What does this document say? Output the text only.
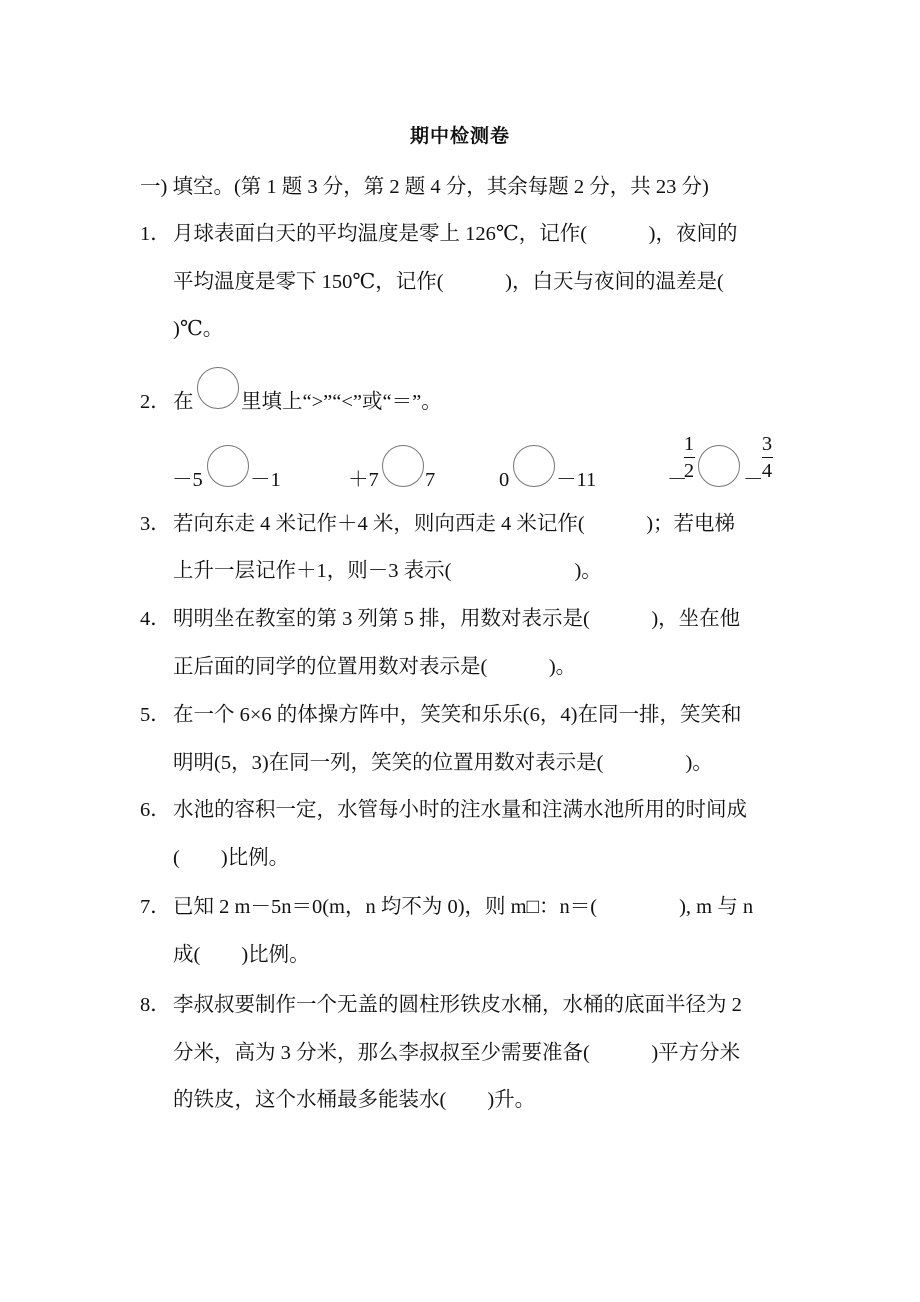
期中检测卷
一) 填空。(第 1 题 3 分，第 2 题 4 分，其余每题 2 分，共 23 分)
1． 月球表面白天的平均温度是零上 126℃，记作(　　　)，夜间的
平均温度是零下 150℃，记作(　　　)，白天与夜间的温差是(
)℃。
2． 在 里填上“>”“<”或“＝”。
－5 －1	＋7 7	0 －11	－
1
2 －
3
4
3． 若向东走 4 米记作＋4 米，则向西走 4 米记作(　　　)；若电梯
上升一层记作＋1，则－3 表示(　　　　　　)。
4． 明明坐在教室的第 3 列第 5 排，用数对表示是(　　　)，坐在他
正后面的同学的位置用数对表示是(　　　)。
5． 在一个 6×6 的体操方阵中，笑笑和乐乐(6，4)在同一排，笑笑和
明明(5，3)在同一列，笑笑的位置用数对表示是(　　　　)。
6． 水池的容积一定，水管每小时的注水量和注满水池所用的时间成
(　　)比例。
7． 已知 2 m－5n＝0(m，n 均不为 0)，则 m□：n＝(　　　　), m 与 n
成(　　)比例。
8． 李叔叔要制作一个无盖的圆柱形铁皮水桶，水桶的底面半径为 2
分米，高为 3 分米，那么李叔叔至少需要准备(　　　)平方分米
的铁皮，这个水桶最多能装水(　　)升。
